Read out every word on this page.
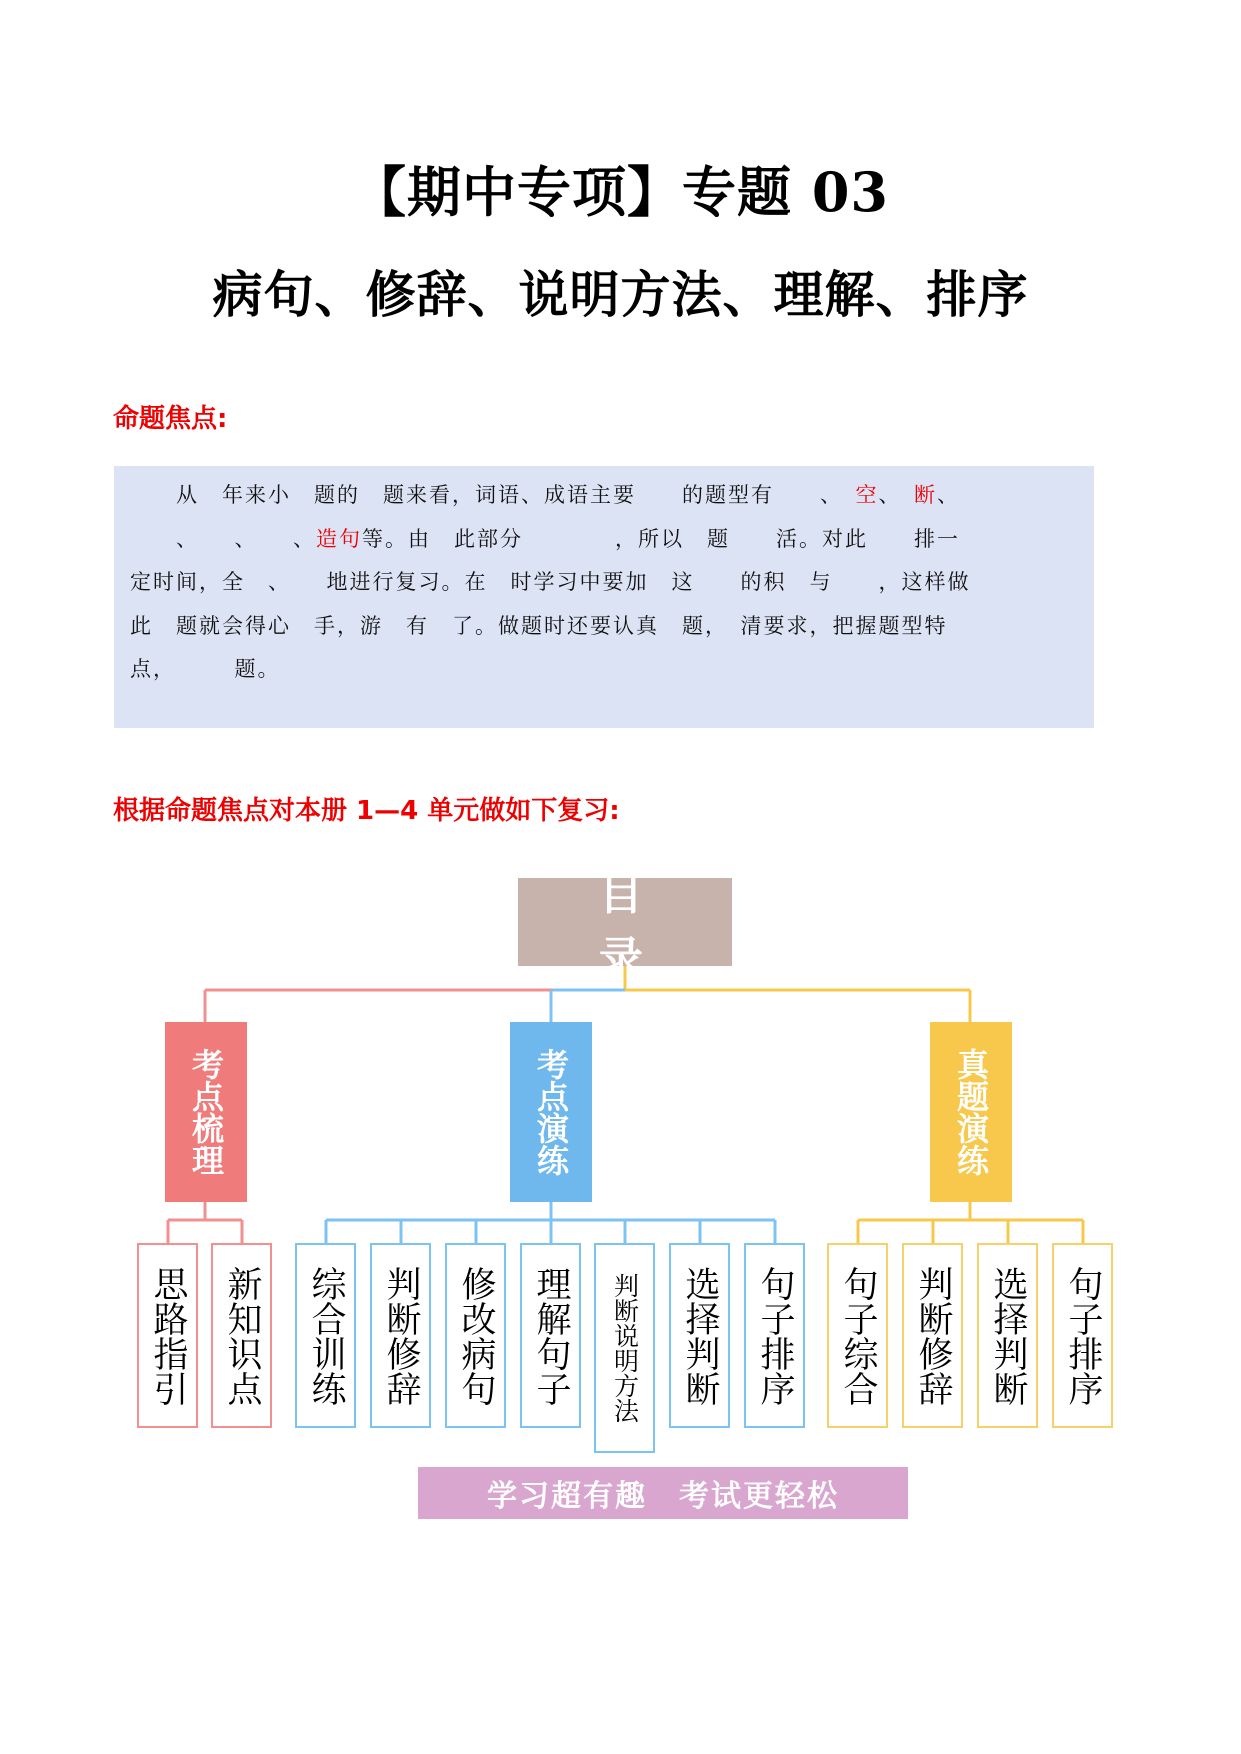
【期中专项】专题 03
病句、修辞、说明方法、理解、排序
命题焦点:
　　从　年来小　题的　题来看，词语、成语主要　　的题型有　　、　空、　断、
　　、　　、　　、造句等。由　此部分　　　　，所以　题　　活。对此　　排一
定时间，全　、　　地进行复习。在　时学习中要加　这　　的积　与　　，这样做
此　题就会得心　手，游　有　了。做题时还要认真　题，　清要求，把握题型特
点，　　　题。
根据命题焦点对本册 1—4 单元做如下复习:
目录
考点梳理	考点演练	真题演练
思路指引 新知识点	综合训练	判断修辞	修改病句	理解句子	判断说明方法	选择判断	句子排序	句子综合	判断修辞	选择判断	句子排序
学习超有趣　考试更轻松
